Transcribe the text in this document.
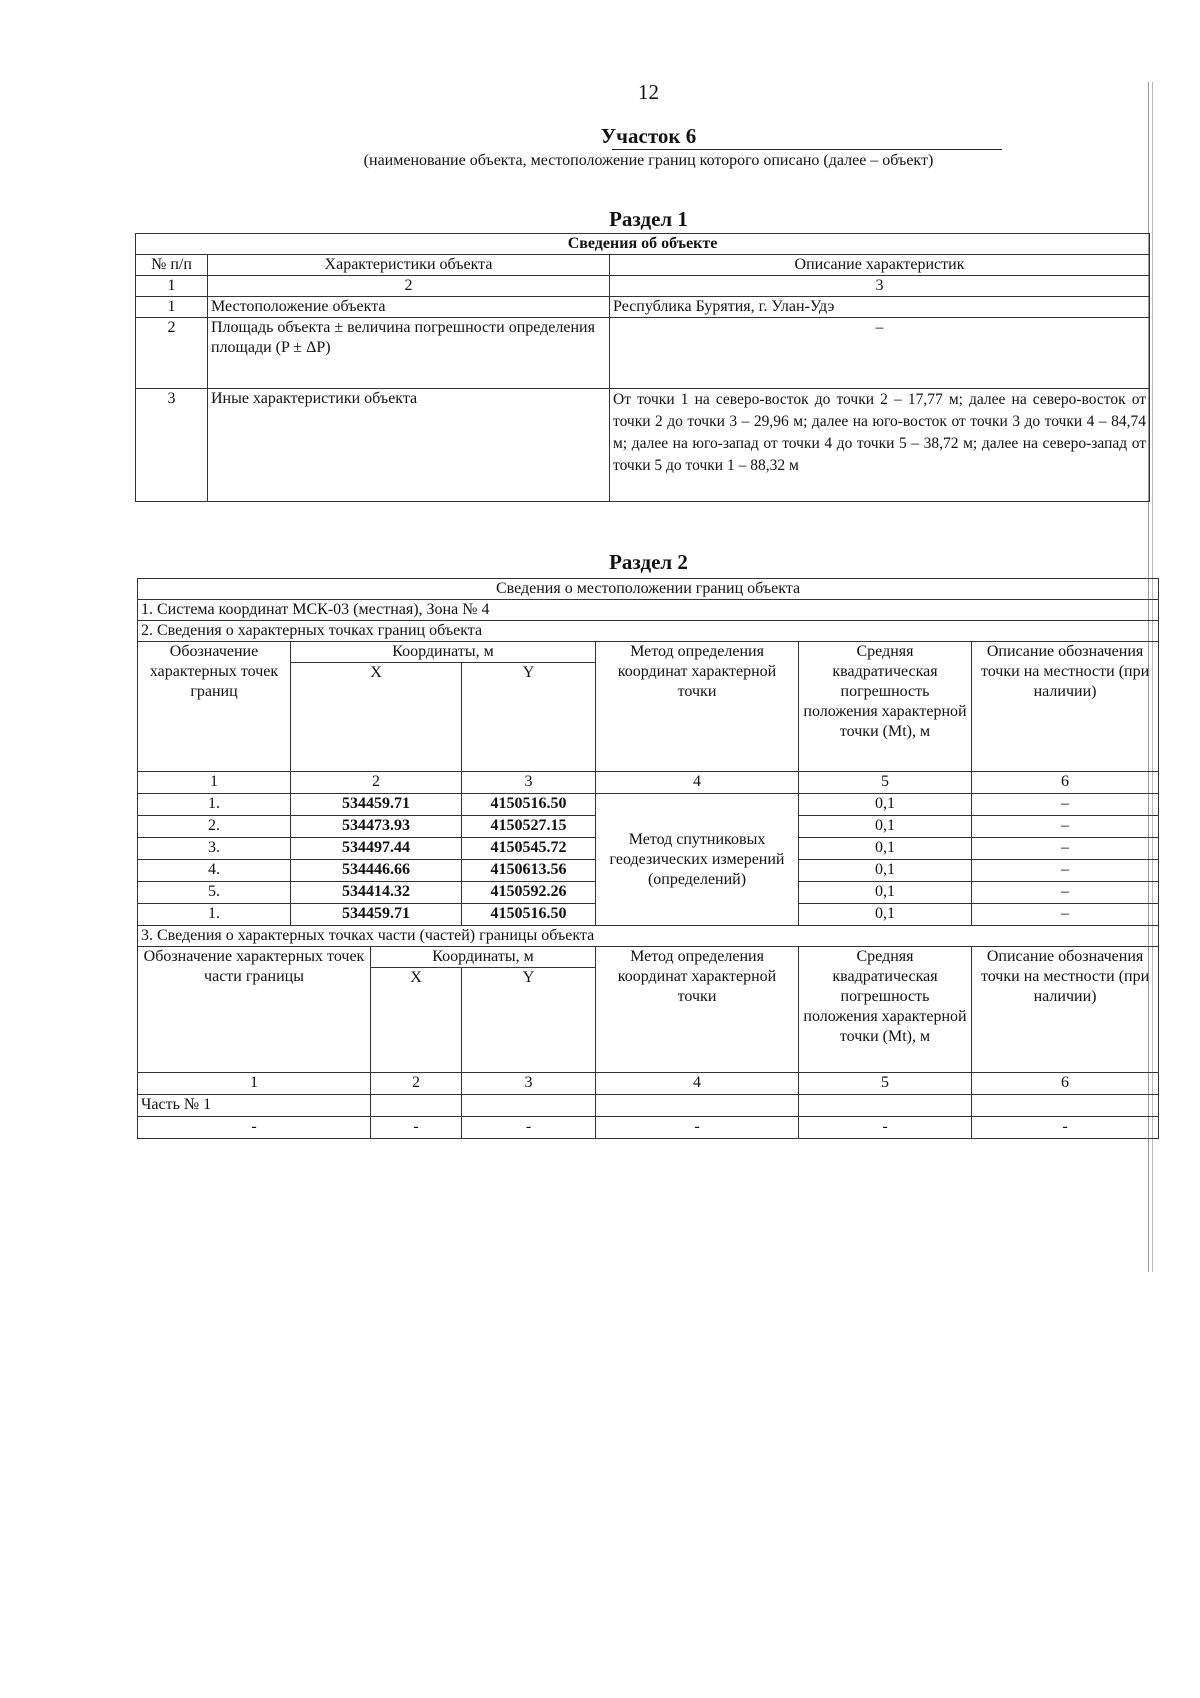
12
Участок 6
(наименование объекта, местоположение границ которого описано (далее – объект)
Раздел 1
Сведения об объекте		
№ п/п	Характеристики объекта	Описание характеристик
1	2	3
1	Местоположение объекта	Республика Бурятия, г. Улан-Удэ
2	Площадь объекта ± величина погрешности определения площади (P ± ΔP)	–
3	Иные характеристики объекта	От точки 1 на северо-восток до точки 2 – 17,77 м; далее на северо-восток от точки 2 до точки 3 – 29,96 м; далее на юго-восток от точки 3 до точки 4 – 84,74 м; далее на юго-запад от точки 4 до точки 5 – 38,72 м; далее на северо-запад от точки 5 до точки 1 – 88,32 м
Раздел 2
Сведения о местоположении границ объекта						
1. Система координат МСК-03 (местная), Зона № 4						
2. Сведения о характерных точках границ объекта						
Обозначение характерных точек границ	Координаты, м			Метод определения координат характерной точки	Средняя квадратическая погрешность положения характерной точки (Mt), м	Описание обозначения точки на местности (при наличии)
	X		Y			
1	2		3	4	5	6
1.	534459.71		4150516.50	Метод спутниковых геодезических измерений (определений)	0,1	–
2.	534473.93		4150527.15		0,1	–
3.	534497.44		4150545.72		0,1	–
4.	534446.66		4150613.56		0,1	–
5.	534414.32		4150592.26		0,1	–
1.	534459.71		4150516.50		0,1	–
3. Сведения о характерных точках части (частей) границы объекта						
Обозначение характерных точек части границы		Координаты, м		Метод определения координат характерной точки	Средняя квадратическая погрешность положения характерной точки (Mt), м	Описание обозначения точки на местности (при наличии)
		X	Y			
1		2	3	4	5	6
Часть № 1						
-		-	-	-	-	-
